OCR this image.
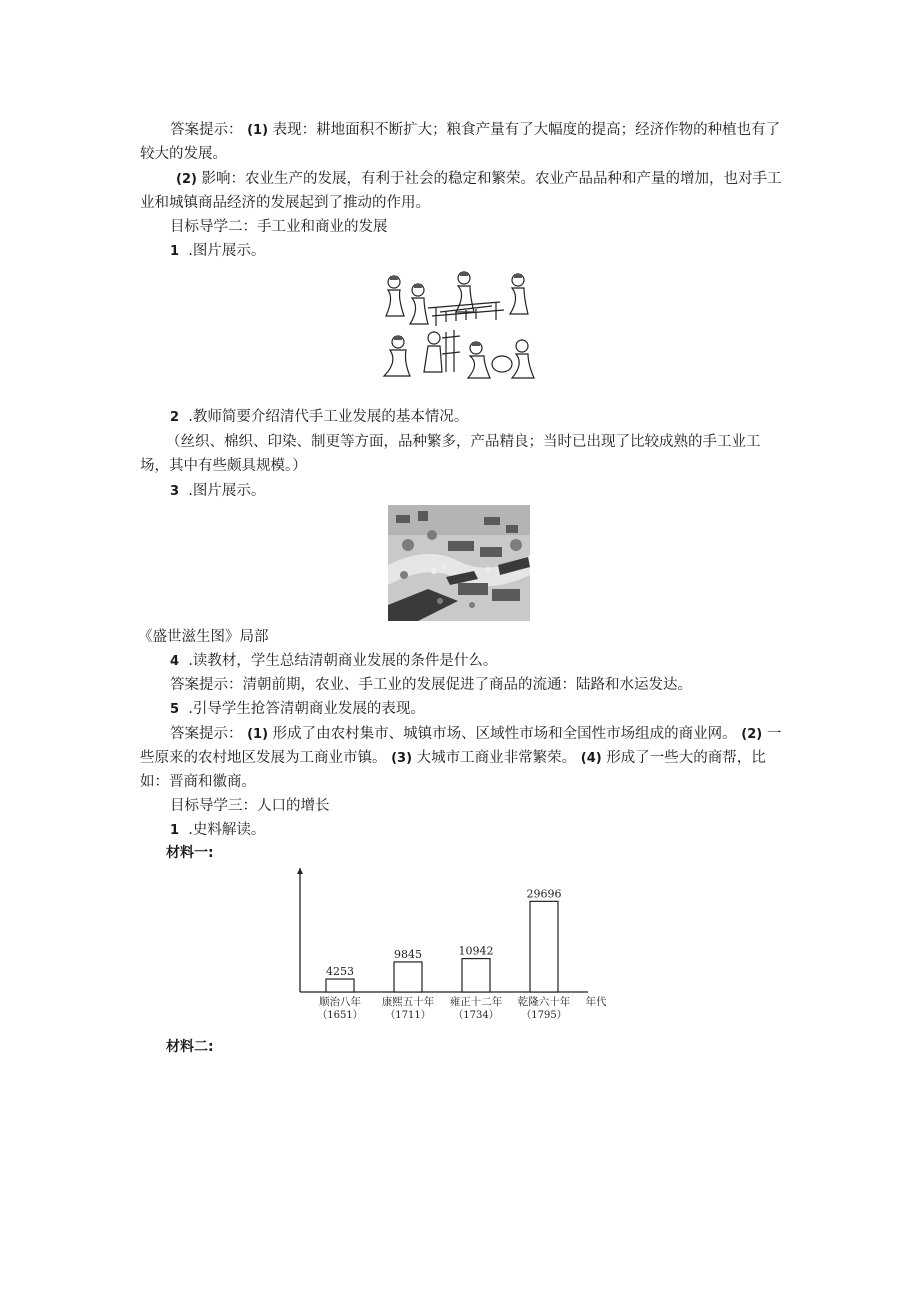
答案提示： (1) 表现：耕地面积不断扩大；粮食产量有了大幅度的提高；经济作物的种植也有了
较大的发展。
(2) 影响：农业生产的发展，有利于社会的稳定和繁荣。农业产品品种和产量的增加，也对手工
业和城镇商品经济的发展起到了推动的作用。
目标导学二：手工业和商业的发展
1 .图片展示。
2 .教师简要介绍清代手工业发展的基本情况。
（丝织、棉织、印染、制更等方面，品种繁多，产品精良；当时已出现了比较成熟的手工业工
场，其中有些颇具规模。）
3 .图片展示。
《盛世滋生图》局部
4 .读教材，学生总结清朝商业发展的条件是什么。
答案提示：清朝前期，农业、手工业的发展促进了商品的流通：陆路和水运发达。
5 .引导学生抢答清朝商业发展的表现。
答案提示： (1) 形成了由农村集市、城镇市场、区域性市场和全国性市场组成的商业网。 (2) 一
些原来的农村地区发展为工商业市镇。 (3) 大城市工商业非常繁荣。 (4) 形成了一些大的商帮，比
如：晋商和徽商。
目标导学三：人口的增长
1 .史料解读。
材料一:
4253
顺治八年
（1651）
9845
康熙五十年
（1711）
10942
雍正十二年
（1734）
29696
乾隆六十年
（1795）
年代
材料二:
